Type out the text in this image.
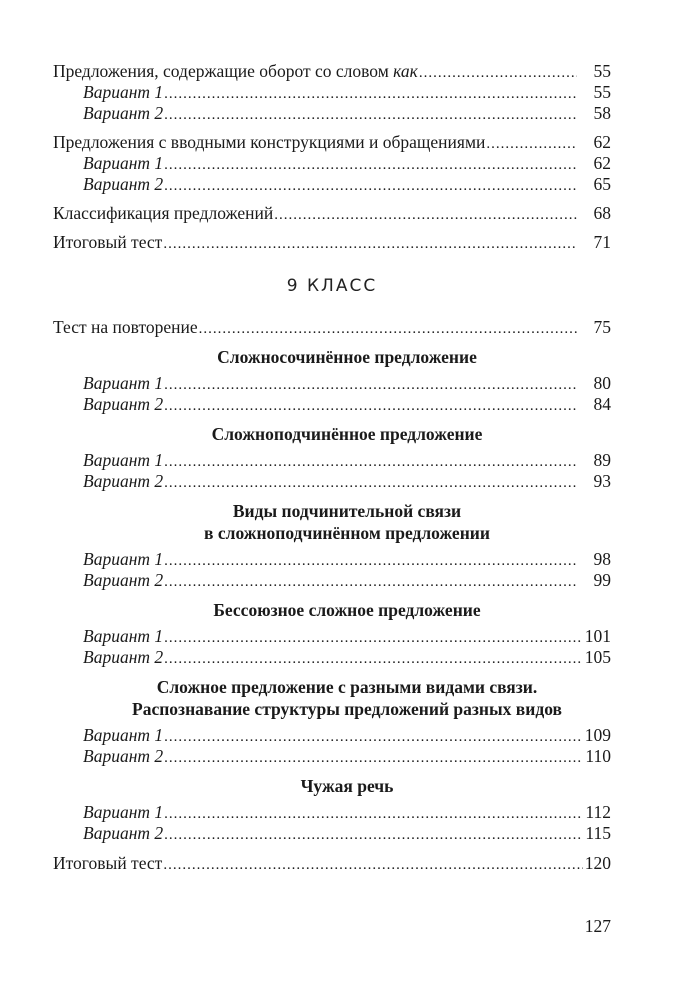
Предложения, содержащие оборот со словом как .....	55
Вариант 1 .....	55
Вариант 2 .....	58
Предложения с вводными конструкциями и обращениями .....	62
Вариант 1 .....	62
Вариант 2 .....	65
Классификация предложений .....	68
Итоговый тест .....	71
9 КЛАСС
Тест на повторение .....	75
Сложносочинённое предложение
Вариант 1 .....	80
Вариант 2 .....	84
Сложноподчинённое предложение
Вариант 1 .....	89
Вариант 2 .....	93
Виды подчинительной связи
в сложноподчинённом предложении
Вариант 1 .....	98
Вариант 2 .....	99
Бессоюзное сложное предложение
Вариант 1 .....	101
Вариант 2 .....	105
Сложное предложение с разными видами связи.
Распознавание структуры предложений разных видов
Вариант 1 .....	109
Вариант 2 .....	110
Чужая речь
Вариант 1 .....	112
Вариант 2 .....	115
Итоговый тест .....	120
127
